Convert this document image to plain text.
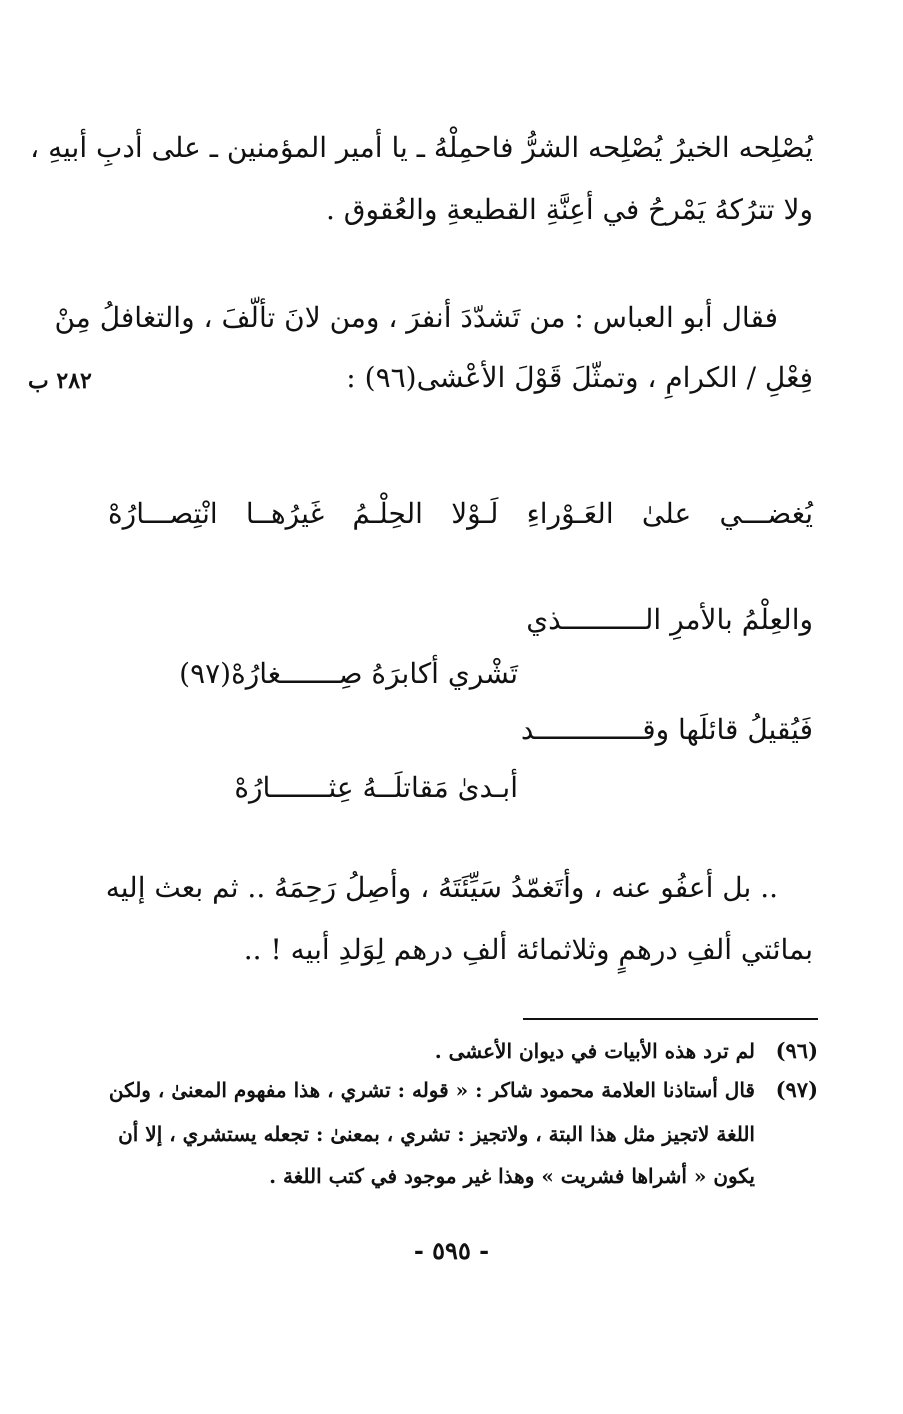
يُصْلِحه الخيرُ يُصْلِحه الشرُّ فاحمِلْهُ ـ يا أمير المؤمنين ـ على أدبِ أبيهِ ،
ولا تترُكهُ يَمْرحُ في أعِنَّةِ القطيعةِ والعُقوق .
فقال أبو العباس : من تَشدّدَ أنفرَ ، ومن لانَ تألّفَ ، والتغافلُ مِنْ
فِعْلِ / الكرامِ ، وتمثّلَ قَوْلَ الأعْشى(٩٦) :
٢٨٢ ب
يُغضـــي علىٰ العَـوْراءِ لَـوْلا الحِلْـمُ غَيرُهــا انْتِصـــارُهْ
والعِلْمُ بالأمرِ الــــــــــذي
تَشْري أكابرَهُ صِـــــــغارُهْ(٩٧)
فَيُقيلُ قائلَها وقـــــــــــــد
أبـدىٰ مَقاتلَــهُ عِثـــــــارُهْ
.. بل أعفُو عنه ، وأتَغمّدُ سَيِّئَتَهُ ، وأصِلُ رَحِمَهُ .. ثم بعث إليه
بمائتي ألفِ درهمٍ وثلاثمائة ألفِ درهم لِوَلدِ أبيه ! ..
(٩٦)
لم ترد هذه الأبيات في ديوان الأعشى .
(٩٧)
قال أستاذنا العلامة محمود شاكر : « قوله : تشري ، هذا مفهوم المعنىٰ ، ولكن
اللغة لاتجيز مثل هذا البتة ، ولاتجيز : تشري ، بمعنىٰ : تجعله يستشري ، إلا أن
يكون « أشراها فشريت » وهذا غير موجود في كتب اللغة .
- ٥٩٥ -
